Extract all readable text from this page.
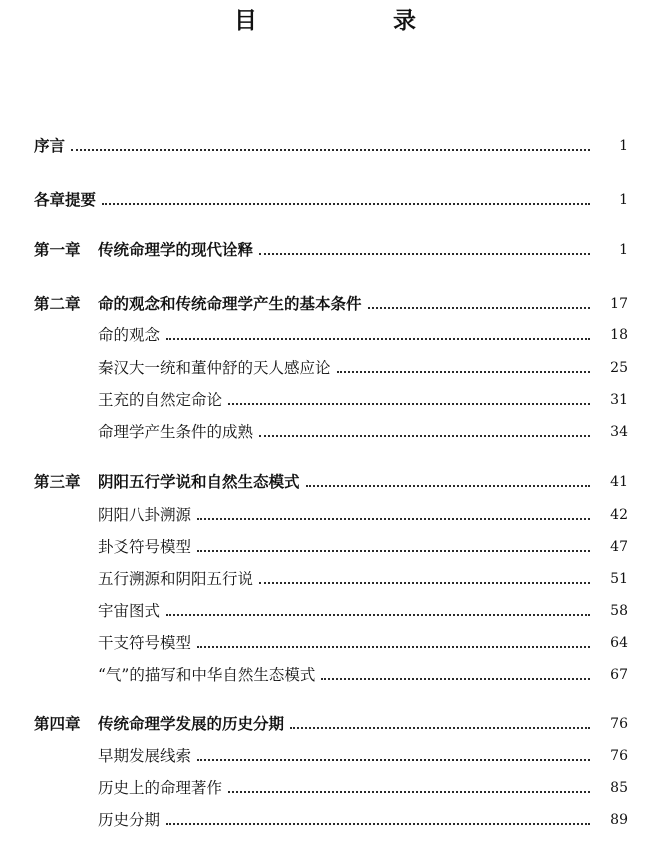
目　　录
序言	1
各章提要	1
第一章	传统命理学的现代诠释	1
第二章	命的观念和传统命理学产生的基本条件	17
命的观念	18
秦汉大一统和董仲舒的天人感应论	25
王充的自然定命论	31
命理学产生条件的成熟	34
第三章	阴阳五行学说和自然生态模式	41
阴阳八卦溯源	42
卦爻符号模型	47
五行溯源和阴阳五行说	51
宇宙图式	58
干支符号模型	64
“气”的描写和中华自然生态模式	67
第四章	传统命理学发展的历史分期	76
早期发展线索	76
历史上的命理著作	85
历史分期	89
